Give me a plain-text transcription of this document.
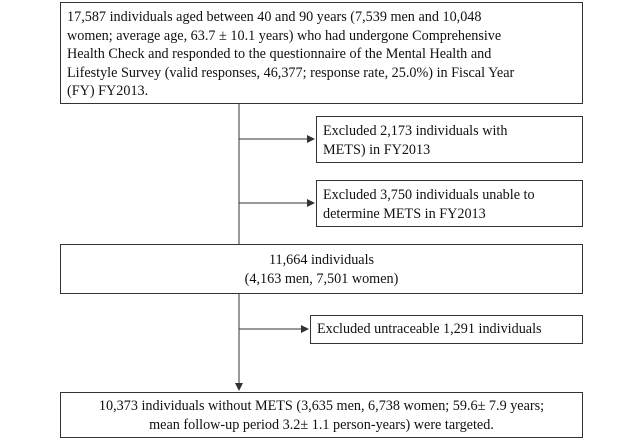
17,587 individuals aged between 40 and 90 years (7,539 men and 10,048
women; average age, 63.7 ± 10.1 years) who had undergone Comprehensive
Health Check and responded to the questionnaire of the Mental Health and
Lifestyle Survey (valid responses, 46,377; response rate, 25.0%) in Fiscal Year
(FY) FY2013.
Excluded 2,173 individuals with
METS) in FY2013
Excluded 3,750 individuals unable to
determine METS in FY2013
11,664 individuals
(4,163 men, 7,501 women)
Excluded untraceable 1,291 individuals
10,373 individuals without METS (3,635 men, 6,738 women; 59.6± 7.9 years;
mean follow-up period 3.2± 1.1 person-years) were targeted.
